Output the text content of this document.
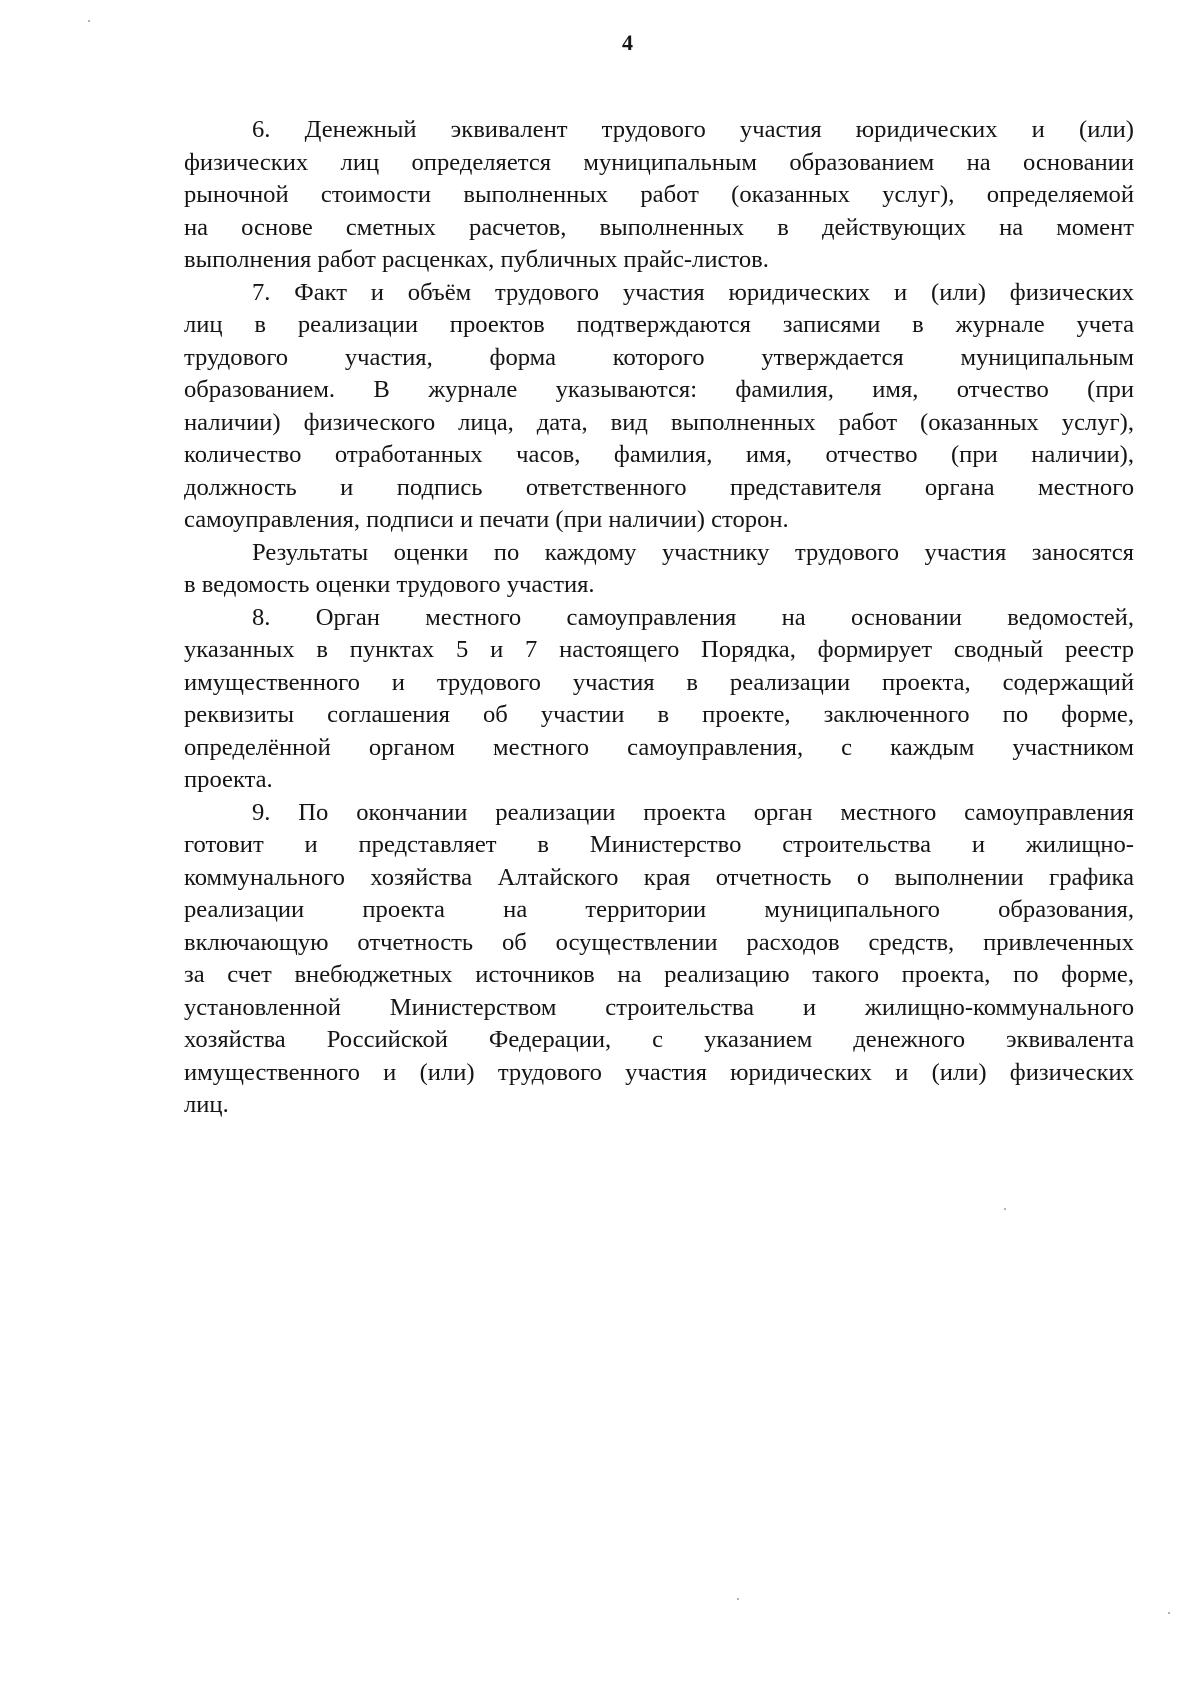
4

6. Денежный эквивалент трудового участия юридических и (или)
физических лиц определяется муниципальным образованием на основании
рыночной стоимости выполненных работ (оказанных услуг), определяемой
на основе сметных расчетов, выполненных в действующих на момент
выполнения работ расценках, публичных прайс-листов.

7. Факт и объём трудового участия юридических и (или) физических
лиц в реализации проектов подтверждаются записями в журнале учета
трудового участия, форма которого утверждается муниципальным
образованием. В журнале указываются: фамилия, имя, отчество (при
наличии) физического лица, дата, вид выполненных работ (оказанных услуг),
количество отработанных часов, фамилия, имя, отчество (при наличии),
должность и подпись ответственного представителя органа местного
самоуправления, подписи и печати (при наличии) сторон.

Результаты оценки по каждому участнику трудового участия заносятся
в ведомость оценки трудового участия.

8. Орган местного самоуправления на основании ведомостей,
указанных в пунктах 5 и 7 настоящего Порядка, формирует сводный реестр
имущественного и трудового участия в реализации проекта, содержащий
реквизиты соглашения об участии в проекте, заключенного по форме,
определённой органом местного самоуправления, с каждым участником
проекта.

9. По окончании реализации проекта орган местного самоуправления
готовит и представляет в Министерство строительства и жилищно-
коммунального хозяйства Алтайского края отчетность о выполнении графика
реализации проекта на территории муниципального образования,
включающую отчетность об осуществлении расходов средств, привлеченных
за счет внебюджетных источников на реализацию такого проекта, по форме,
установленной Министерством строительства и жилищно-коммунального
хозяйства Российской Федерации, с указанием денежного эквивалента
имущественного и (или) трудового участия юридических и (или) физических
лиц.
